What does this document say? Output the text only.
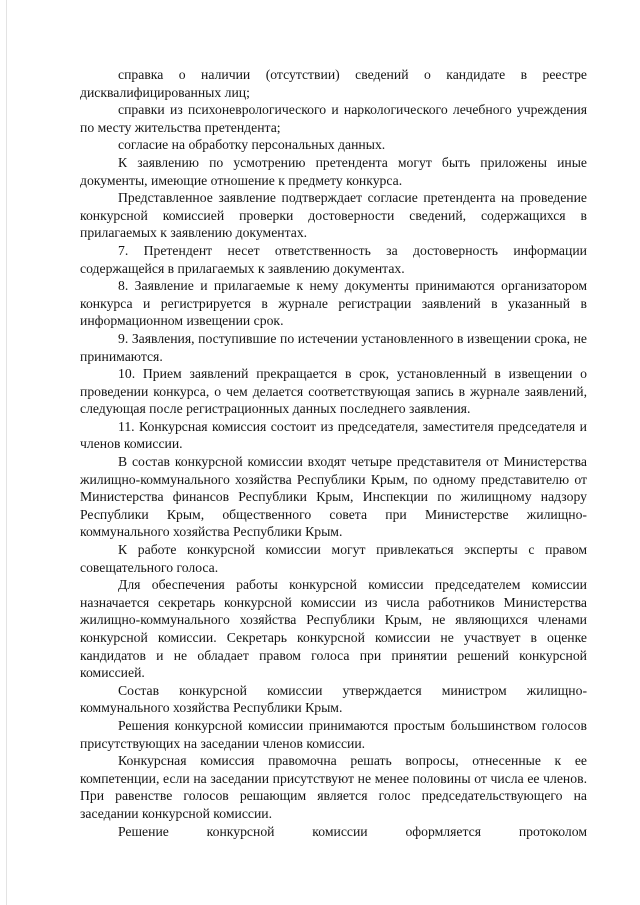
справка о наличии (отсутствии) сведений о кандидате в реестре дисквалифицированных лиц;

справки из психоневрологического и наркологического лечебного учреждения по месту жительства претендента;

согласие на обработку персональных данных.

К заявлению по усмотрению претендента могут быть приложены иные документы, имеющие отношение к предмету конкурса.

Представленное заявление подтверждает согласие претендента на проведение конкурсной комиссией проверки достоверности сведений, содержащихся в прилагаемых к заявлению документах.

7. Претендент несет ответственность за достоверность информации содержащейся в прилагаемых к заявлению документах.

8. Заявление и прилагаемые к нему документы принимаются организатором конкурса и регистрируется в журнале регистрации заявлений в указанный в информационном извещении срок.

9. Заявления, поступившие по истечении установленного в извещении срока, не принимаются.

10. Прием заявлений прекращается в срок, установленный в извещении о проведении конкурса, о чем делается соответствующая запись в журнале заявлений, следующая после регистрационных данных последнего заявления.

11. Конкурсная комиссия состоит из председателя, заместителя председателя и членов комиссии.

В состав конкурсной комиссии входят четыре представителя от Министерства жилищно-коммунального хозяйства Республики Крым, по одному представителю от Министерства финансов Республики Крым, Инспекции по жилищному надзору Республики Крым, общественного совета при Министерстве жилищно-коммунального хозяйства Республики Крым.

К работе конкурсной комиссии могут привлекаться эксперты с правом совещательного голоса.

Для обеспечения работы конкурсной комиссии председателем комиссии назначается секретарь конкурсной комиссии из числа работников Министерства жилищно-коммунального хозяйства Республики Крым, не являющихся членами конкурсной комиссии. Секретарь конкурсной комиссии не участвует в оценке кандидатов и не обладает правом голоса при принятии решений конкурсной комиссией.

Состав конкурсной комиссии утверждается министром жилищно-коммунального хозяйства Республики Крым.

Решения конкурсной комиссии принимаются простым большинством голосов присутствующих на заседании членов комиссии.

Конкурсная комиссия правомочна решать вопросы, отнесенные к ее компетенции, если на заседании присутствуют не менее половины от числа ее членов. При равенстве голосов решающим является голос председательствующего на заседании конкурсной комиссии.

Решение конкурсной комиссии оформляется протоколом
